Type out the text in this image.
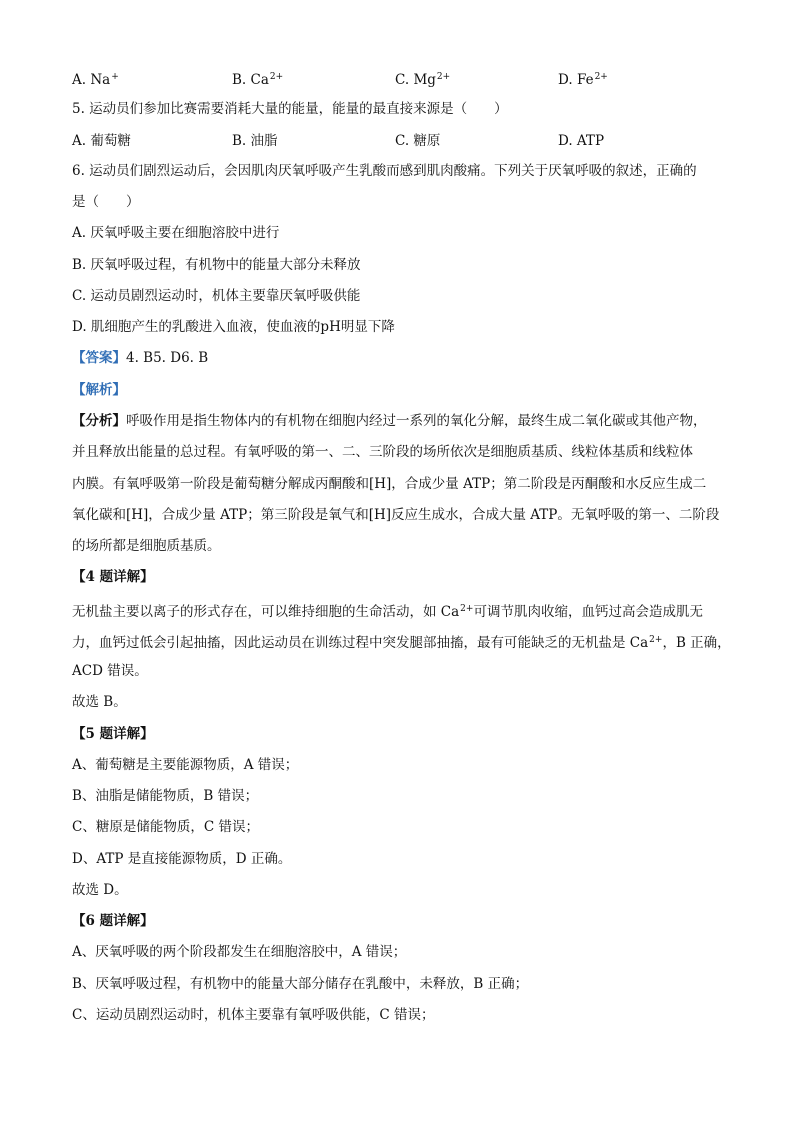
A. Na+	B. $Ca^{2+}$	C. $Mg^{2+}$	D. $Fe^{2+}$
5. 运动员们参加比赛需要消耗大量的能量，能量的最直接来源是（　　）
A. 葡萄糖	B. 油脂	C. 糖原	D. ATP
6. 运动员们剧烈运动后，会因肌肉厌氧呼吸产生乳酸而感到肌肉酸痛。下列关于厌氧呼吸的叙述，正确的
是（　　）
A. 厌氧呼吸主要在细胞溶胶中进行
B. 厌氧呼吸过程，有机物中的能量大部分未释放
C. 运动员剧烈运动时，机体主要靠厌氧呼吸供能
D. 肌细胞产生的乳酸进入血液，使血液的pH明显下降
【答案】4. B5. D6. B
【解析】
【分析】呼吸作用是指生物体内的有机物在细胞内经过一系列的氧化分解，最终生成二氧化碳或其他产物，
并且释放出能量的总过程。有氧呼吸的第一、二、三阶段的场所依次是细胞质基质、线粒体基质和线粒体
内膜。有氧呼吸第一阶段是葡萄糖分解成丙酮酸和[H]，合成少量 ATP；第二阶段是丙酮酸和水反应生成二
氧化碳和[H]，合成少量 ATP；第三阶段是氧气和[H]反应生成水，合成大量 ATP。无氧呼吸的第一、二阶段
的场所都是细胞质基质。
【4 题详解】
无机盐主要以离子的形式存在，可以维持细胞的生命活动，如 $Ca^{2+}$可调节肌肉收缩，血钙过高会造成肌无
力，血钙过低会引起抽搐，因此运动员在训练过程中突发腿部抽搐，最有可能缺乏的无机盐是 $Ca^{2+}$，B 正确，
ACD 错误。
故选 B。
【5 题详解】
A、葡萄糖是主要能源物质，A 错误；
B、油脂是储能物质，B 错误；
C、糖原是储能物质，C 错误；
D、ATP 是直接能源物质，D 正确。
故选 D。
【6 题详解】
A、厌氧呼吸的两个阶段都发生在细胞溶胶中，A 错误；
B、厌氧呼吸过程，有机物中的能量大部分储存在乳酸中，未释放，B 正确；
C、运动员剧烈运动时，机体主要靠有氧呼吸供能，C 错误；
